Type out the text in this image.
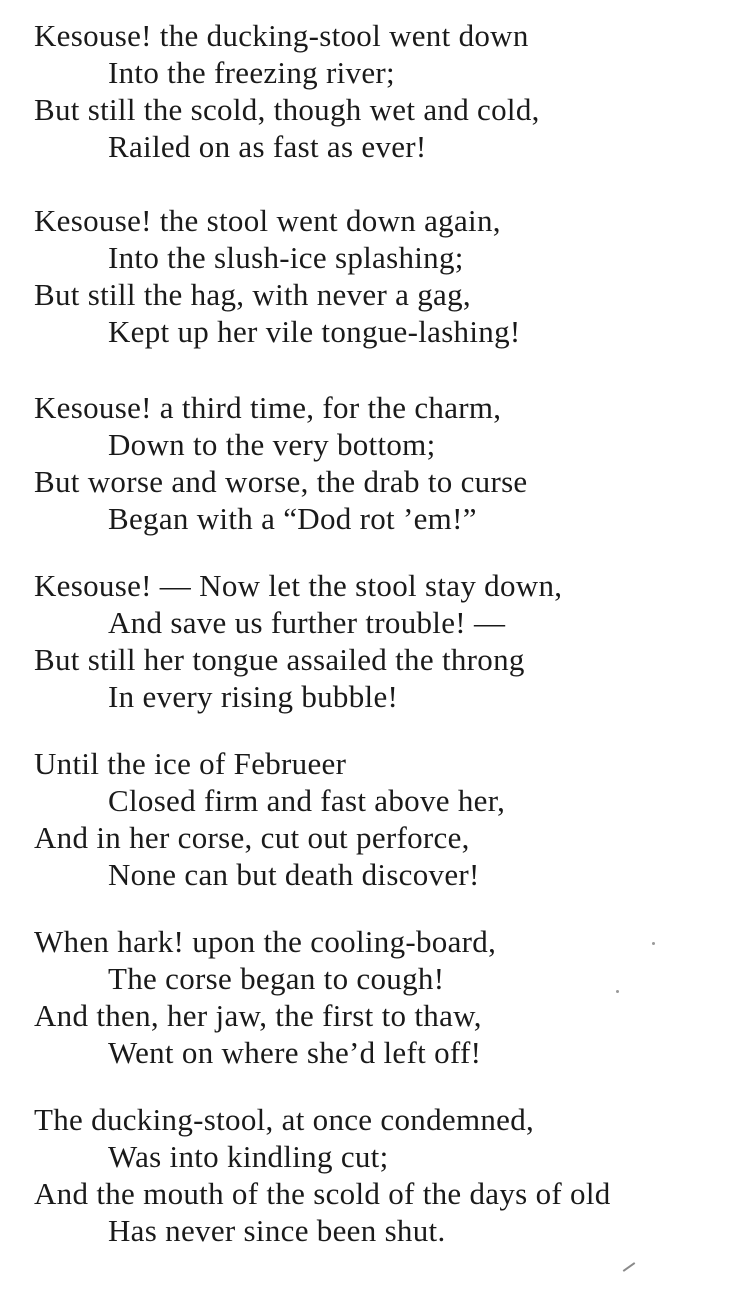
Kesouse! the ducking-stool went down
Into the freezing river;
But still the scold, though wet and cold,
Railed on as fast as ever!
Kesouse! the stool went down again,
Into the slush-ice splashing;
But still the hag, with never a gag,
Kept up her vile tongue-lashing!
Kesouse! a third time, for the charm,
Down to the very bottom;
But worse and worse, the drab to curse
Began with a “Dod rot ’em!”
Kesouse! — Now let the stool stay down,
And save us further trouble! —
But still her tongue assailed the throng
In every rising bubble!
Until the ice of Februeer
Closed firm and fast above her,
And in her corse, cut out perforce,
None can but death discover!
When hark! upon the cooling-board,
The corse began to cough!
And then, her jaw, the first to thaw,
Went on where she’d left off!
The ducking-stool, at once condemned,
Was into kindling cut;
And the mouth of the scold of the days of old
Has never since been shut.
